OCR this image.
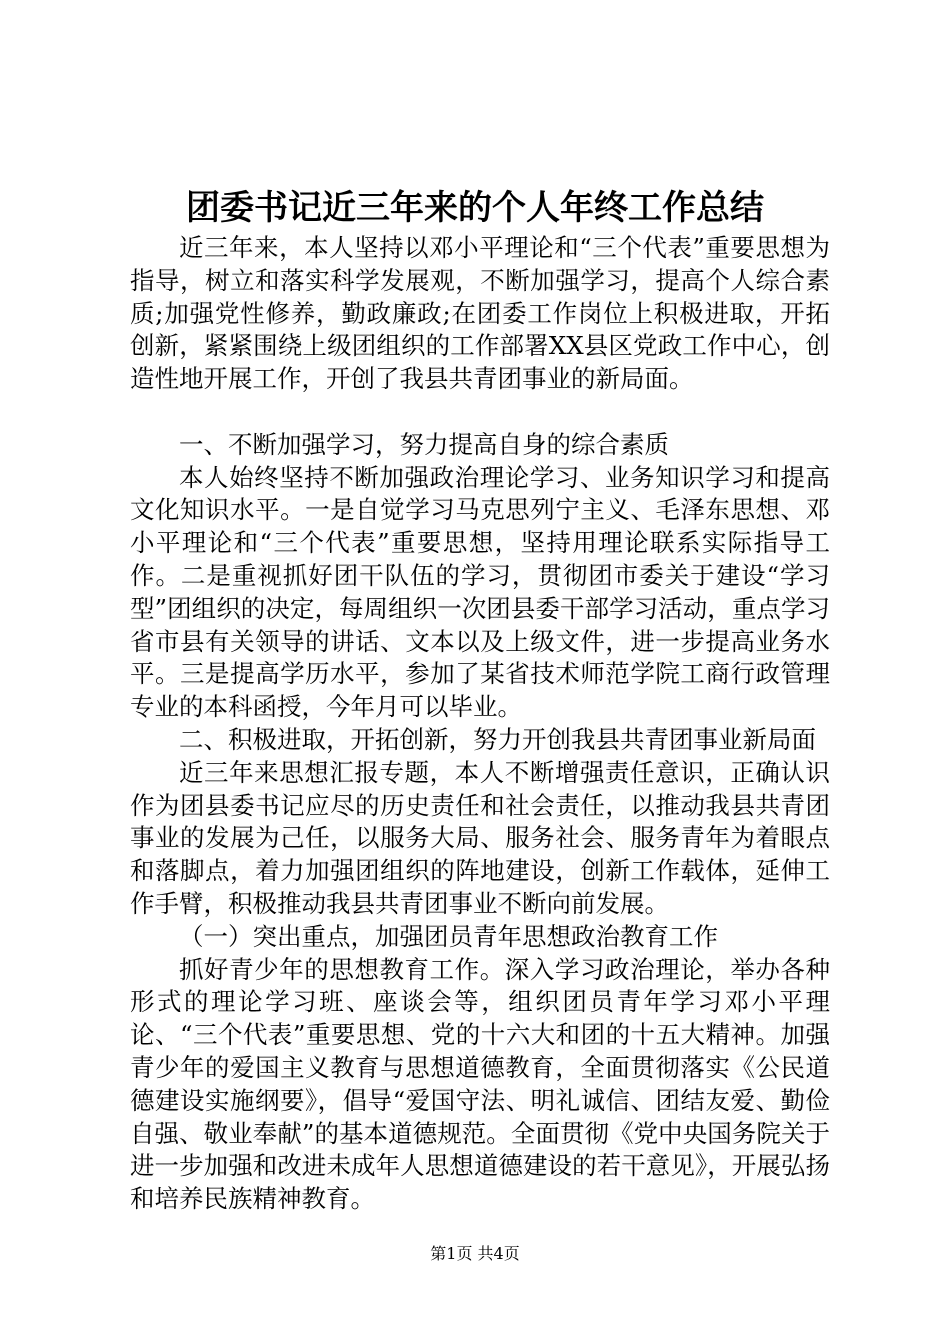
团委书记近三年来的个人年终工作总结

近三年来，本人坚持以邓小平理论和“三个代表”重要思想为指导，树立和落实科学发展观，不断加强学习，提高个人综合素质;加强党性修养，勤政廉政;在团委工作岗位上积极进取，开拓创新，紧紧围绕上级团组织的工作部署XX县区党政工作中心，创造性地开展工作，开创了我县共青团事业的新局面。

一、不断加强学习，努力提高自身的综合素质

本人始终坚持不断加强政治理论学习、业务知识学习和提高文化知识水平。一是自觉学习马克思列宁主义、毛泽东思想、邓小平理论和“三个代表”重要思想，坚持用理论联系实际指导工作。二是重视抓好团干队伍的学习，贯彻团市委关于建设“学习型”团组织的决定，每周组织一次团县委干部学习活动，重点学习省市县有关领导的讲话、文本以及上级文件，进一步提高业务水平。三是提高学历水平，参加了某省技术师范学院工商行政管理专业的本科函授，今年月可以毕业。

二、积极进取，开拓创新，努力开创我县共青团事业新局面

近三年来思想汇报专题，本人不断增强责任意识，正确认识作为团县委书记应尽的历史责任和社会责任，以推动我县共青团事业的发展为己任，以服务大局、服务社会、服务青年为着眼点和落脚点，着力加强团组织的阵地建设，创新工作载体，延伸工作手臂，积极推动我县共青团事业不断向前发展。

（一）突出重点，加强团员青年思想政治教育工作

抓好青少年的思想教育工作。深入学习政治理论，举办各种形式的理论学习班、座谈会等，组织团员青年学习邓小平理论、“三个代表”重要思想、党的十六大和团的十五大精神。加强青少年的爱国主义教育与思想道德教育，全面贯彻落实《公民道德建设实施纲要》，倡导“爱国守法、明礼诚信、团结友爱、勤俭自强、敬业奉献”的基本道德规范。全面贯彻《党中央国务院关于进一步加强和改进未成年人思想道德建设的若干意见》，开展弘扬和培养民族精神教育。

第1页 共4页
